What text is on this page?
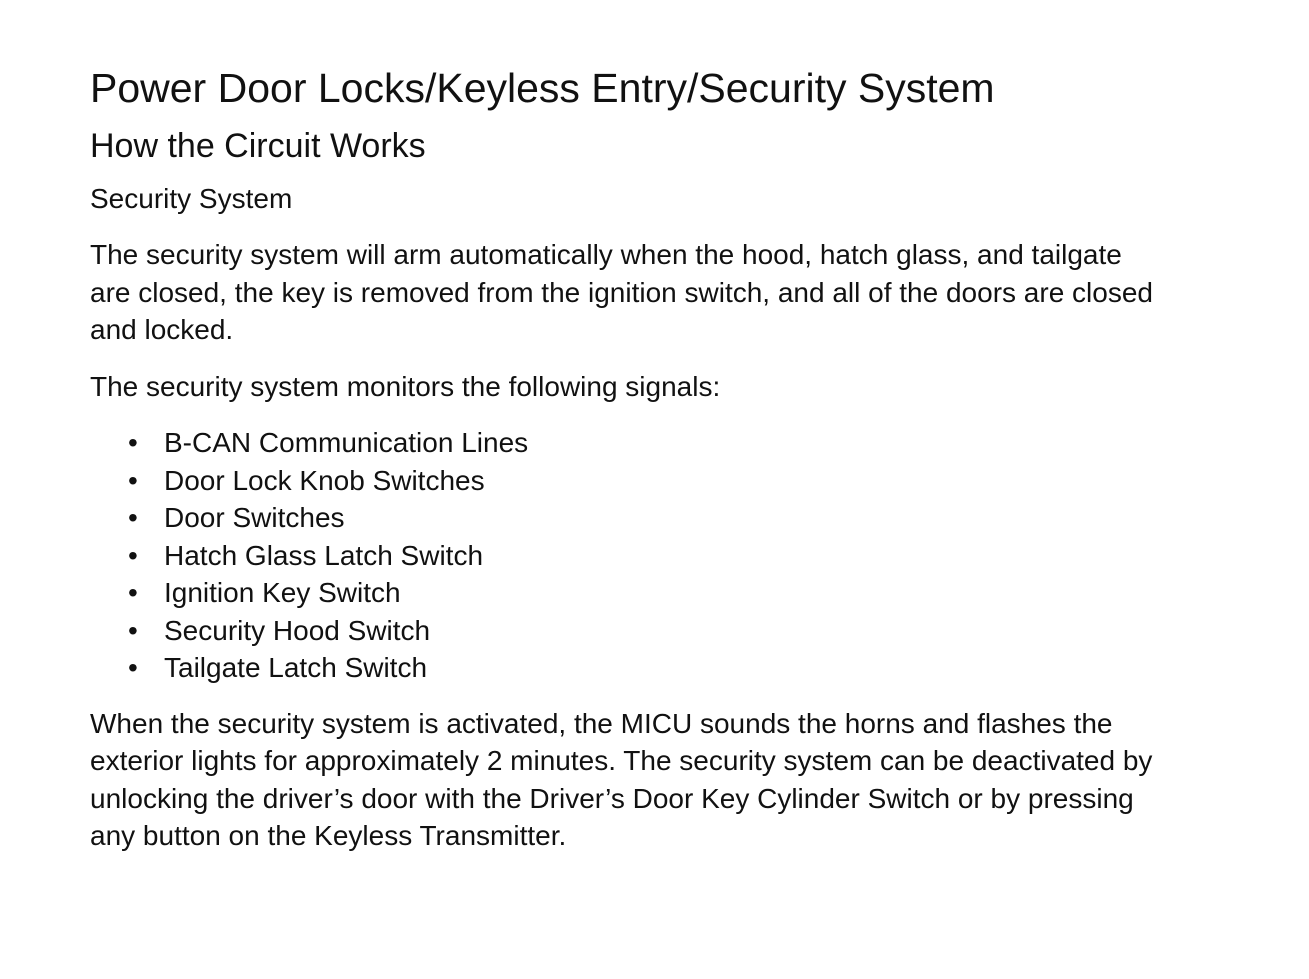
Power Door Locks/Keyless Entry/Security System
How the Circuit Works
Security System

The security system will arm automatically when the hood, hatch glass, and tailgate are closed, the key is removed from the ignition switch, and all of the doors are closed and locked.

The security system monitors the following signals:

• B-CAN Communication Lines
• Door Lock Knob Switches
• Door Switches
• Hatch Glass Latch Switch
• Ignition Key Switch
• Security Hood Switch
• Tailgate Latch Switch

When the security system is activated, the MICU sounds the horns and flashes the exterior lights for approximately 2 minutes. The security system can be deactivated by unlocking the driver’s door with the Driver’s Door Key Cylinder Switch or by pressing any button on the Keyless Transmitter.
